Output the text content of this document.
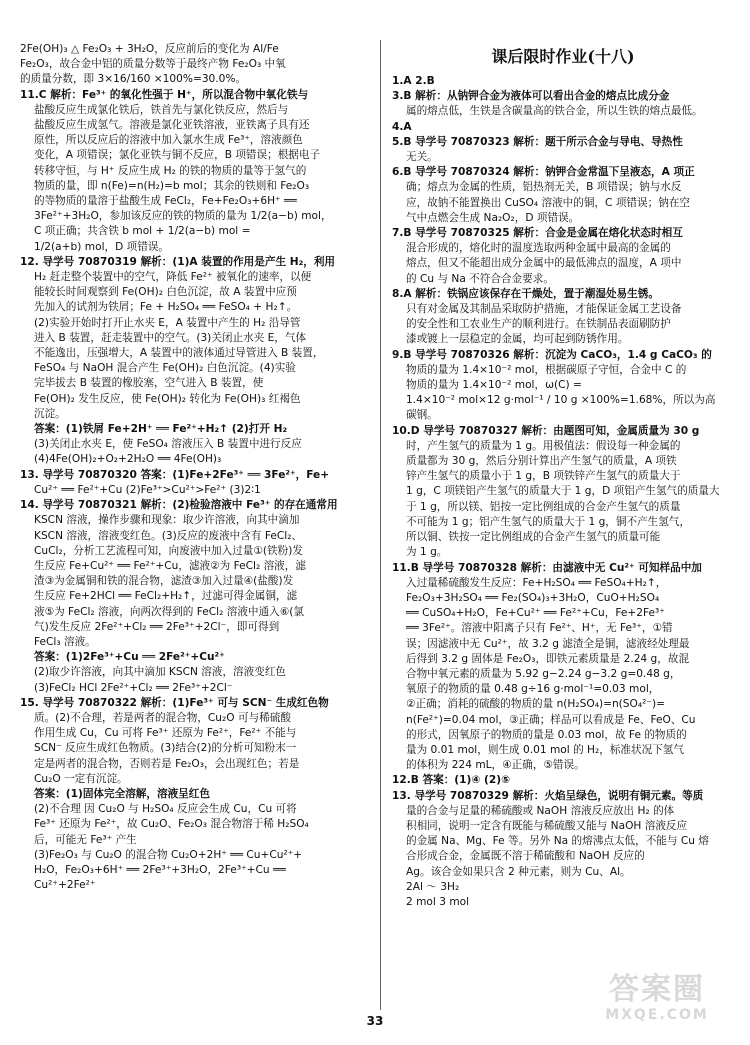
2Fe(OH)₃ △ Fe₂O₃ + 3H₂O，反应前后的变化为 Al/Fe
Fe₂O₃，故合金中铝的质量分数等于最终产物 Fe₂O₃ 中氧
的质量分数，即 3×16/160 ×100%=30.0%。
11.C 解析：Fe³⁺ 的氧化性强于 H⁺，所以混合物中氧化铁与
盐酸反应生成氯化铁后，铁首先与氯化铁反应，然后与
盐酸反应生成氢气。溶液是氯化亚铁溶液，亚铁离子具有还
原性，所以反应后的溶液中加入氯水生成 Fe³⁺，溶液颜色
变化，A 项错误；氯化亚铁与铜不反应，B 项错误；根据电子
转移守恒，与 H⁺ 反应生成 H₂ 的铁的物质的量等于氢气的
物质的量，即 n(Fe)=n(H₂)=b mol；其余的铁则和 Fe₂O₃
的等物质的量溶于盐酸生成 FeCl₂，Fe+Fe₂O₃+6H⁺ ══
3Fe²⁺+3H₂O，参加该反应的铁的物质的量为 1/2(a−b) mol，
C 项正确；共含铁 b mol + 1/2(a−b) mol =
1/2(a+b) mol，D 项错误。
12. 导学号 70870319 解析：(1)A 装置的作用是产生 H₂，利用
H₂ 赶走整个装置中的空气，降低 Fe²⁺ 被氧化的速率，以便
能较长时间观察到 Fe(OH)₂ 白色沉淀，故 A 装置中应预
先加入的试剂为铁屑；Fe + H₂SO₄ ══ FeSO₄ + H₂↑。
(2)实验开始时打开止水夹 E，A 装置中产生的 H₂ 沿导管
进入 B 装置，赶走装置中的空气。(3)关闭止水夹 E，气体
不能逸出，压强增大，A 装置中的液体通过导管进入 B 装置，
FeSO₄ 与 NaOH 混合产生 Fe(OH)₂ 白色沉淀。(4)实验
完毕拔去 B 装置的橡胶塞，空气进入 B 装置，使
Fe(OH)₂ 发生反应，使 Fe(OH)₂ 转化为 Fe(OH)₃ 红褐色
沉淀。
答案：(1)铁屑 Fe+2H⁺ ══ Fe²⁺+H₂↑ (2)打开 H₂
(3)关闭止水夹 E，使 FeSO₄ 溶液压入 B 装置中进行反应
(4)4Fe(OH)₂+O₂+2H₂O ══ 4Fe(OH)₃
13. 导学号 70870320 答案：(1)Fe+2Fe³⁺ ══ 3Fe²⁺，Fe+
Cu²⁺ ══ Fe²⁺+Cu (2)Fe³⁺>Cu²⁺>Fe²⁺ (3)2∶1
14. 导学号 70870321 解析：(2)检验溶液中 Fe³⁺ 的存在通常用
KSCN 溶液，操作步骤和现象：取少许溶液，向其中滴加
KSCN 溶液，溶液变红色。(3)反应的废液中含有 FeCl₂、
CuCl₂，分析工艺流程可知，向废液中加入过量①(铁粉)发
生反应 Fe+Cu²⁺ ══ Fe²⁺+Cu，滤液②为 FeCl₂ 溶液，滤
渣③为金属铜和铁的混合物，滤渣③加入过量④(盐酸)发
生反应 Fe+2HCl ══ FeCl₂+H₂↑，过滤可得金属铜，滤
液⑤为 FeCl₂ 溶液，向两次得到的 FeCl₂ 溶液中通入⑥(氯
气)发生反应 2Fe²⁺+Cl₂ ══ 2Fe³⁺+2Cl⁻，即可得到
FeCl₃ 溶液。
答案：(1)2Fe³⁺+Cu ══ 2Fe²⁺+Cu²⁺
(2)取少许溶液，向其中滴加 KSCN 溶液，溶液变红色
(3)FeCl₂ HCl 2Fe²⁺+Cl₂ ══ 2Fe³⁺+2Cl⁻
15. 导学号 70870322 解析：(1)Fe³⁺ 可与 SCN⁻ 生成红色物
质。(2)不合理，若是两者的混合物，Cu₂O 可与稀硫酸
作用生成 Cu，Cu 可将 Fe³⁺ 还原为 Fe²⁺，Fe²⁺ 不能与
SCN⁻ 反应生成红色物质。(3)结合(2)的分析可知粉末一
定是两者的混合物，否则若是 Fe₂O₃，会出现红色；若是
Cu₂O 一定有沉淀。
答案：(1)固体完全溶解，溶液呈红色
(2)不合理 因 Cu₂O 与 H₂SO₄ 反应会生成 Cu，Cu 可将
Fe³⁺ 还原为 Fe²⁺，故 Cu₂O、Fe₂O₃ 混合物溶于稀 H₂SO₄
后，可能无 Fe³⁺ 产生
(3)Fe₂O₃ 与 Cu₂O 的混合物 Cu₂O+2H⁺ ══ Cu+Cu²⁺+
H₂O，Fe₂O₃+6H⁺ ══ 2Fe³⁺+3H₂O，2Fe³⁺+Cu ══
Cu²⁺+2Fe²⁺
课后限时作业(十八)
1.A 2.B
3.B 解析：从钠钾合金为液体可以看出合金的熔点比成分金
属的熔点低，生铁是含碳量高的铁合金，所以生铁的熔点最低。
4.A
5.B 导学号 70870323 解析：题干所示合金与导电、导热性
无关。
6.B 导学号 70870324 解析：钠钾合金常温下呈液态，A 项正
确；熔点为金属的性质，铝热剂无关，B 项错误；钠与水反
应，故钠不能置换出 CuSO₄ 溶液中的铜，C 项错误；钠在空
气中点燃会生成 Na₂O₂，D 项错误。
7.B 导学号 70870325 解析：合金是金属在熔化状态时相互
混合形成的，熔化时的温度选取两种金属中最高的金属的
熔点，但又不能超出成分金属中的最低沸点的温度，A 项中
的 Cu 与 Na 不符合合金要求。
8.A 解析：铁锅应该保存在干燥处，置于潮湿处易生锈。
只有对金属及其制品采取防护措施，才能保证金属工艺设备
的安全性和工农业生产的顺利进行。在铁制品表面刷防护
漆或镀上一层稳定的金属，均可起到防锈作用。
9.B 导学号 70870326 解析：沉淀为 CaCO₃，1.4 g CaCO₃ 的
物质的量为 1.4×10⁻² mol，根据碳原子守恒，合金中 C 的
物质的量为 1.4×10⁻² mol，ω(C) =
1.4×10⁻² mol×12 g·mol⁻¹ / 10 g ×100%=1.68%，所以为高
碳钢。
10.D 导学号 70870327 解析：由题图可知，金属质量为 30 g
时，产生氢气的质量为 1 g。用极值法：假设每一种金属的
质量都为 30 g，然后分别计算出产生氢气的质量，A 项铁
锌产生氢气的质量小于 1 g，B 项铁锌产生氢气的质量大于
1 g，C 项镁铝产生氢气的质量大于 1 g，D 项铝产生氢气的质量大
于 1 g，所以镁、铝按一定比例组成的合金产生氢气的质量
不可能为 1 g；铝产生氢气的质量大于 1 g，铜不产生氢气，
所以铜、铁按一定比例组成的合金产生氢气的质量可能
为 1 g。
11.B 导学号 70870328 解析：由滤液中无 Cu²⁺ 可知样品中加
入过量稀硫酸发生反应：Fe+H₂SO₄ ══ FeSO₄+H₂↑，
Fe₂O₃+3H₂SO₄ ══ Fe₂(SO₄)₃+3H₂O，CuO+H₂SO₄
══ CuSO₄+H₂O，Fe+Cu²⁺ ══ Fe²⁺+Cu，Fe+2Fe³⁺
══ 3Fe²⁺。溶液中阳离子只有 Fe²⁺、H⁺，无 Fe³⁺，①错
误；因滤液中无 Cu²⁺，故 3.2 g 滤渣全是铜，滤液经处理最
后得到 3.2 g 固体是 Fe₂O₃，即铁元素质量是 2.24 g，故混
合物中氧元素的质量为 5.92 g−2.24 g−3.2 g=0.48 g，
氧原子的物质的量 0.48 g÷16 g·mol⁻¹=0.03 mol，
②正确；消耗的硫酸的物质的量 n(H₂SO₄)=n(SO₄²⁻)=
n(Fe²⁺)=0.04 mol，③正确；样品可以看成是 Fe、FeO、Cu
的形式，因氧原子的物质的量是 0.03 mol，故 Fe 的物质的
量为 0.01 mol，则生成 0.01 mol 的 H₂，标准状况下氢气
的体积为 224 mL，④正确，⑤错误。
12.B 答案：(1)④ (2)⑤
13. 导学号 70870329 解析：火焰呈绿色，说明有铜元素。等质
量的合金与足量的稀硫酸或 NaOH 溶液反应放出 H₂ 的体
积相同，说明一定含有既能与稀硫酸又能与 NaOH 溶液反应
的金属 Na、Mg、Fe 等。另外 Na 的熔沸点太低，不能与 Cu 熔
合形成合金，金属既不溶于稀硫酸和 NaOH 反应的
Ag。该合金如果只含 2 种元素，则为 Cu、Al。
2Al ～ 3H₂
2 mol 3 mol
33
答案圈
MXQE.COM
